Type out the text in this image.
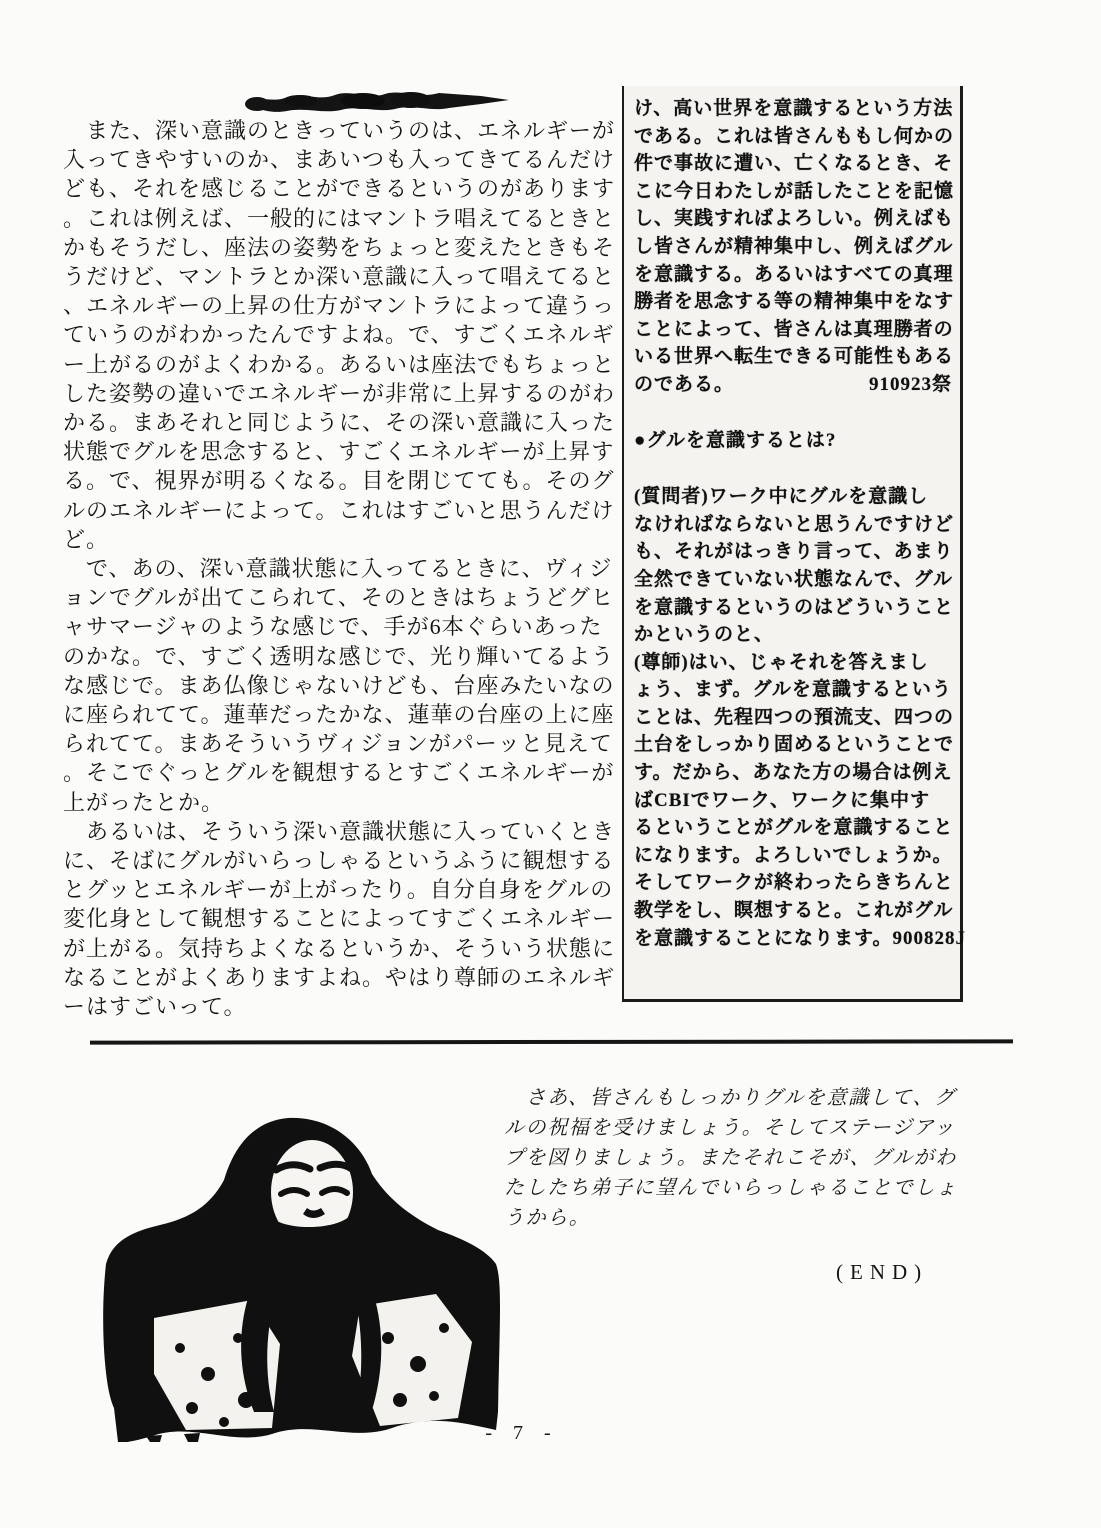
　また、深い意識のときっていうのは、エネルギーが
入ってきやすいのか、まあいつも入ってきてるんだけ
ども、それを感じることができるというのがあります
。これは例えば、一般的にはマントラ唱えてるときと
かもそうだし、座法の姿勢をちょっと変えたときもそ
うだけど、マントラとか深い意識に入って唱えてると
、エネルギーの上昇の仕方がマントラによって違うっ
ていうのがわかったんですよね。で、すごくエネルギ
ー上がるのがよくわかる。あるいは座法でもちょっと
した姿勢の違いでエネルギーが非常に上昇するのがわ
かる。まあそれと同じように、その深い意識に入った
状態でグルを思念すると、すごくエネルギーが上昇す
る。で、視界が明るくなる。目を閉じてても。そのグ
ルのエネルギーによって。これはすごいと思うんだけ
ど。
　で、あの、深い意識状態に入ってるときに、ヴィジ
ョンでグルが出てこられて、そのときはちょうどグヒ
ャサマージャのような感じで、手が6本ぐらいあった
のかな。で、すごく透明な感じで、光り輝いてるよう
な感じで。まあ仏像じゃないけども、台座みたいなの
に座られてて。蓮華だったかな、蓮華の台座の上に座
られてて。まあそういうヴィジョンがパーッと見えて
。そこでぐっとグルを観想するとすごくエネルギーが
上がったとか。
　あるいは、そういう深い意識状態に入っていくとき
に、そばにグルがいらっしゃるというふうに観想する
とグッとエネルギーが上がったり。自分自身をグルの
変化身として観想することによってすごくエネルギー
が上がる。気持ちよくなるというか、そういう状態に
なることがよくありますよね。やはり尊師のエネルギ
ーはすごいって。
け、高い世界を意識するという方法
である。これは皆さんももし何かの
件で事故に遭い、亡くなるとき、そ
こに今日わたしが話したことを記憶
し、実践すればよろしい。例えばも
し皆さんが精神集中し、例えばグル
を意識する。あるいはすべての真理
勝者を思念する等の精神集中をなす
ことによって、皆さんは真理勝者の
いる世界へ転生できる可能性もある
のである。	910923祭
●グルを意識するとは?
(質問者)ワーク中にグルを意識し
なければならないと思うんですけど
も、それがはっきり言って、あまり
全然できていない状態なんで、グル
を意識するというのはどういうこと
かというのと、
(尊師)はい、じゃそれを答えまし
ょう、まず。グルを意識するという
ことは、先程四つの預流支、四つの
土台をしっかり固めるということで
す。だから、あなた方の場合は例え
ばCBIでワーク、ワークに集中す
るということがグルを意識すること
になります。よろしいでしょうか。
そしてワークが終わったらきちんと
教学をし、瞑想すると。これがグル
を意識することになります。900828J
　さあ、皆さんもしっかりグルを意識して、グ
ルの祝福を受けましょう。そしてステージアッ
プを図りましょう。またそれこそが、グルがわ
たしたち弟子に望んでいらっしゃることでしょ
うから。
(END)
- 7 -
